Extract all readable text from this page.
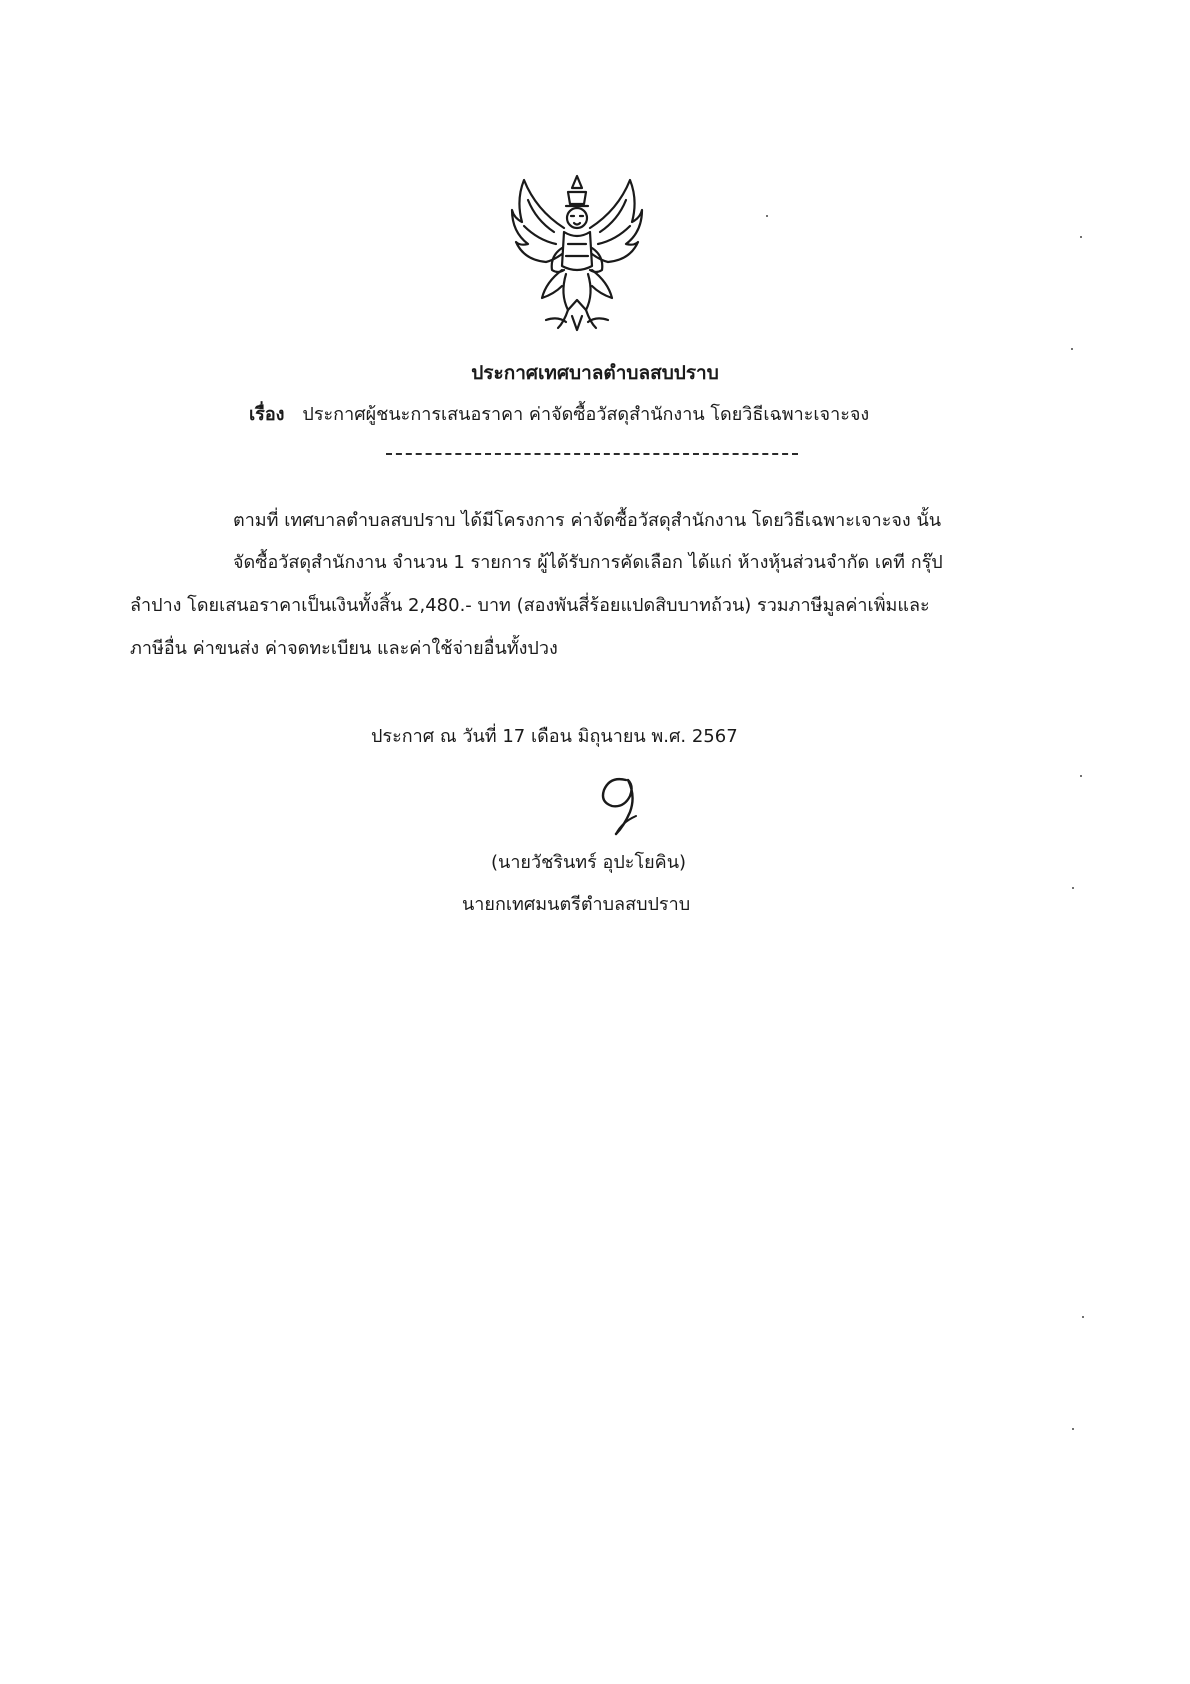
ประกาศเทศบาลตำบลสบปราบ
เรื่อง ประกาศผู้ชนะการเสนอราคา ค่าจัดซื้อวัสดุสำนักงาน โดยวิธีเฉพาะเจาะจง
ตามที่ เทศบาลตำบลสบปราบ ได้มีโครงการ ค่าจัดซื้อวัสดุสำนักงาน โดยวิธีเฉพาะเจาะจง นั้น
จัดซื้อวัสดุสำนักงาน จำนวน 1 รายการ ผู้ได้รับการคัดเลือก ได้แก่ ห้างหุ้นส่วนจำกัด เคที กรุ๊ป
ลำปาง โดยเสนอราคาเป็นเงินทั้งสิ้น 2,480.- บาท (สองพันสี่ร้อยแปดสิบบาทถ้วน) รวมภาษีมูลค่าเพิ่มและ
ภาษีอื่น ค่าขนส่ง ค่าจดทะเบียน และค่าใช้จ่ายอื่นทั้งปวง
ประกาศ ณ วันที่ 17 เดือน มิถุนายน พ.ศ. 2567
(นายวัชรินทร์ อุปะโยคิน)
นายกเทศมนตรีตำบลสบปราบ
